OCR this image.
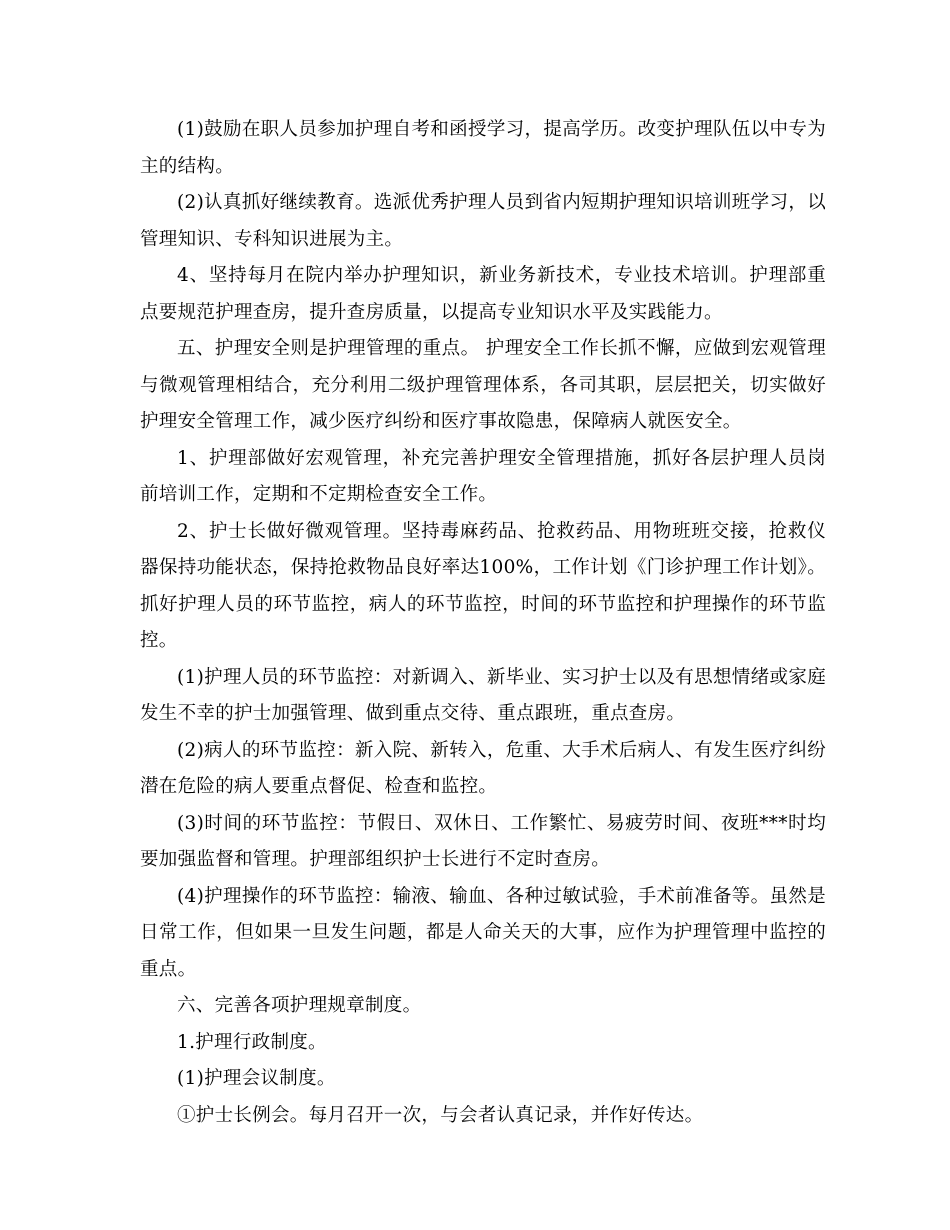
(1)鼓励在职人员参加护理自考和函授学习，提高学历。改变护理队伍以中专为主的结构。

(2)认真抓好继续教育。选派优秀护理人员到省内短期护理知识培训班学习，以管理知识、专科知识进展为主。

4、坚持每月在院内举办护理知识，新业务新技术，专业技术培训。护理部重点要规范护理查房，提升查房质量，以提高专业知识水平及实践能力。

五、护理安全则是护理管理的重点。 护理安全工作长抓不懈，应做到宏观管理与微观管理相结合，充分利用二级护理管理体系，各司其职，层层把关，切实做好护理安全管理工作，减少医疗纠纷和医疗事故隐患，保障病人就医安全。

1、护理部做好宏观管理，补充完善护理安全管理措施，抓好各层护理人员岗前培训工作，定期和不定期检查安全工作。

2、护士长做好微观管理。坚持毒麻药品、抢救药品、用物班班交接，抢救仪器保持功能状态，保持抢救物品良好率达100%，工作计划《门诊护理工作计划》。抓好护理人员的环节监控，病人的环节监控，时间的环节监控和护理操作的环节监控。

(1)护理人员的环节监控：对新调入、新毕业、实习护士以及有思想情绪或家庭发生不幸的护士加强管理、做到重点交待、重点跟班，重点查房。

(2)病人的环节监控：新入院、新转入，危重、大手术后病人、有发生医疗纠纷潜在危险的病人要重点督促、检查和监控。

(3)时间的环节监控：节假日、双休日、工作繁忙、易疲劳时间、夜班***时均要加强监督和管理。护理部组织护士长进行不定时查房。

(4)护理操作的环节监控：输液、输血、各种过敏试验，手术前准备等。虽然是日常工作，但如果一旦发生问题，都是人命关天的大事，应作为护理管理中监控的重点。

六、完善各项护理规章制度。

1.护理行政制度。

(1)护理会议制度。

①护士长例会。每月召开一次，与会者认真记录，并作好传达。
